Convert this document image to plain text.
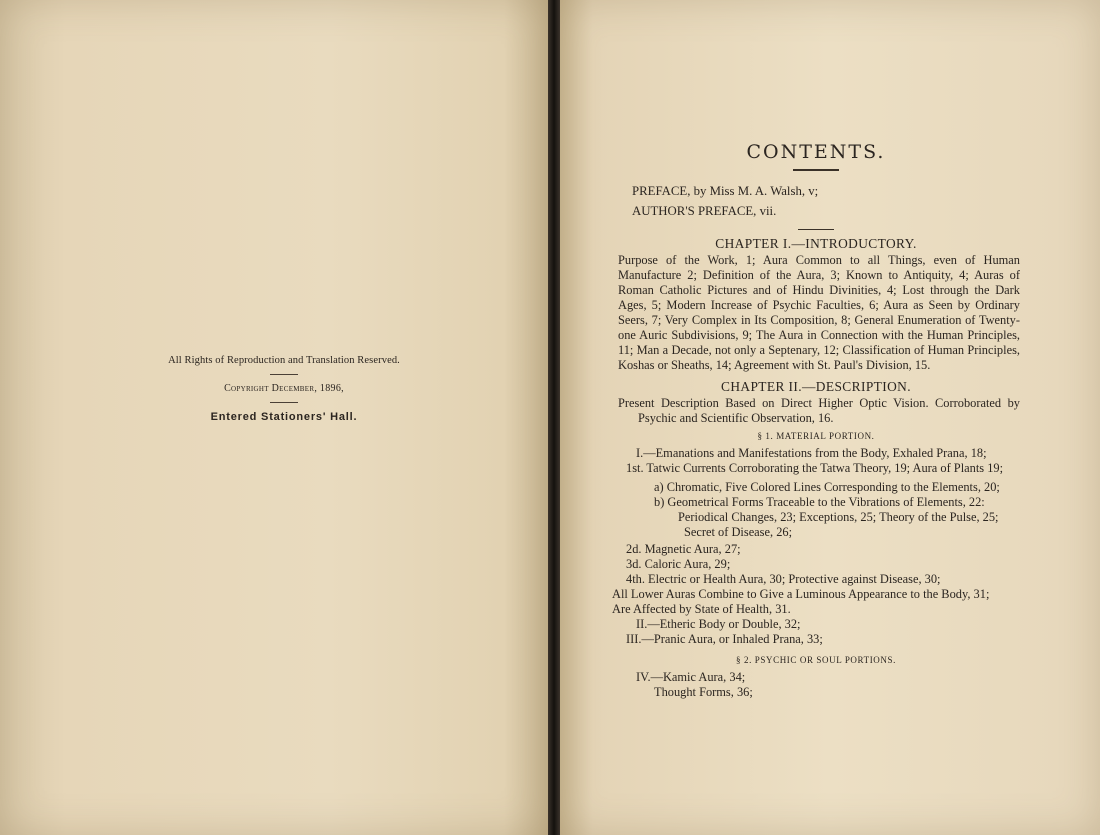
All Rights of Reproduction and Translation Reserved.
Copyright December, 1896,
Entered Stationers' Hall.
CONTENTS.
PREFACE, by Miss M. A. Walsh, v;
AUTHOR'S PREFACE, vii.
CHAPTER I.—INTRODUCTORY.
Purpose of the Work, 1; Aura Common to all Things, even of Human Manufacture 2; Definition of the Aura, 3; Known to Antiquity, 4; Auras of Roman Catholic Pictures and of Hindu Divinities, 4; Lost through the Dark Ages, 5; Modern Increase of Psychic Faculties, 6; Aura as Seen by Ordinary Seers, 7; Very Complex in Its Composition, 8; General Enumeration of Twenty-one Auric Subdivisions, 9; The Aura in Connection with the Human Principles, 11; Man a Decade, not only a Septenary, 12; Classification of Human Principles, Koshas or Sheaths, 14; Agreement with St. Paul's Division, 15.
CHAPTER II.—DESCRIPTION.
Present Description Based on Direct Higher Optic Vision. Corroborated by Psychic and Scientific Observation, 16.
§ 1. MATERIAL PORTION.
I.—Emanations and Manifestations from the Body, Exhaled Prana, 18;
1st. Tatwic Currents Corroborating the Tatwa Theory, 19; Aura of Plants 19;
a) Chromatic, Five Colored Lines Corresponding to the Elements, 20;
b) Geometrical Forms Traceable to the Vibrations of Elements, 22:
Periodical Changes, 23; Exceptions, 25; Theory of the Pulse, 25;
Secret of Disease, 26;
2d. Magnetic Aura, 27;
3d. Caloric Aura, 29;
4th. Electric or Health Aura, 30; Protective against Disease, 30;
All Lower Auras Combine to Give a Luminous Appearance to the Body, 31;
Are Affected by State of Health, 31.
II.—Etheric Body or Double, 32;
III.—Pranic Aura, or Inhaled Prana, 33;
§ 2. PSYCHIC OR SOUL PORTIONS.
IV.—Kamic Aura, 34;
Thought Forms, 36;
